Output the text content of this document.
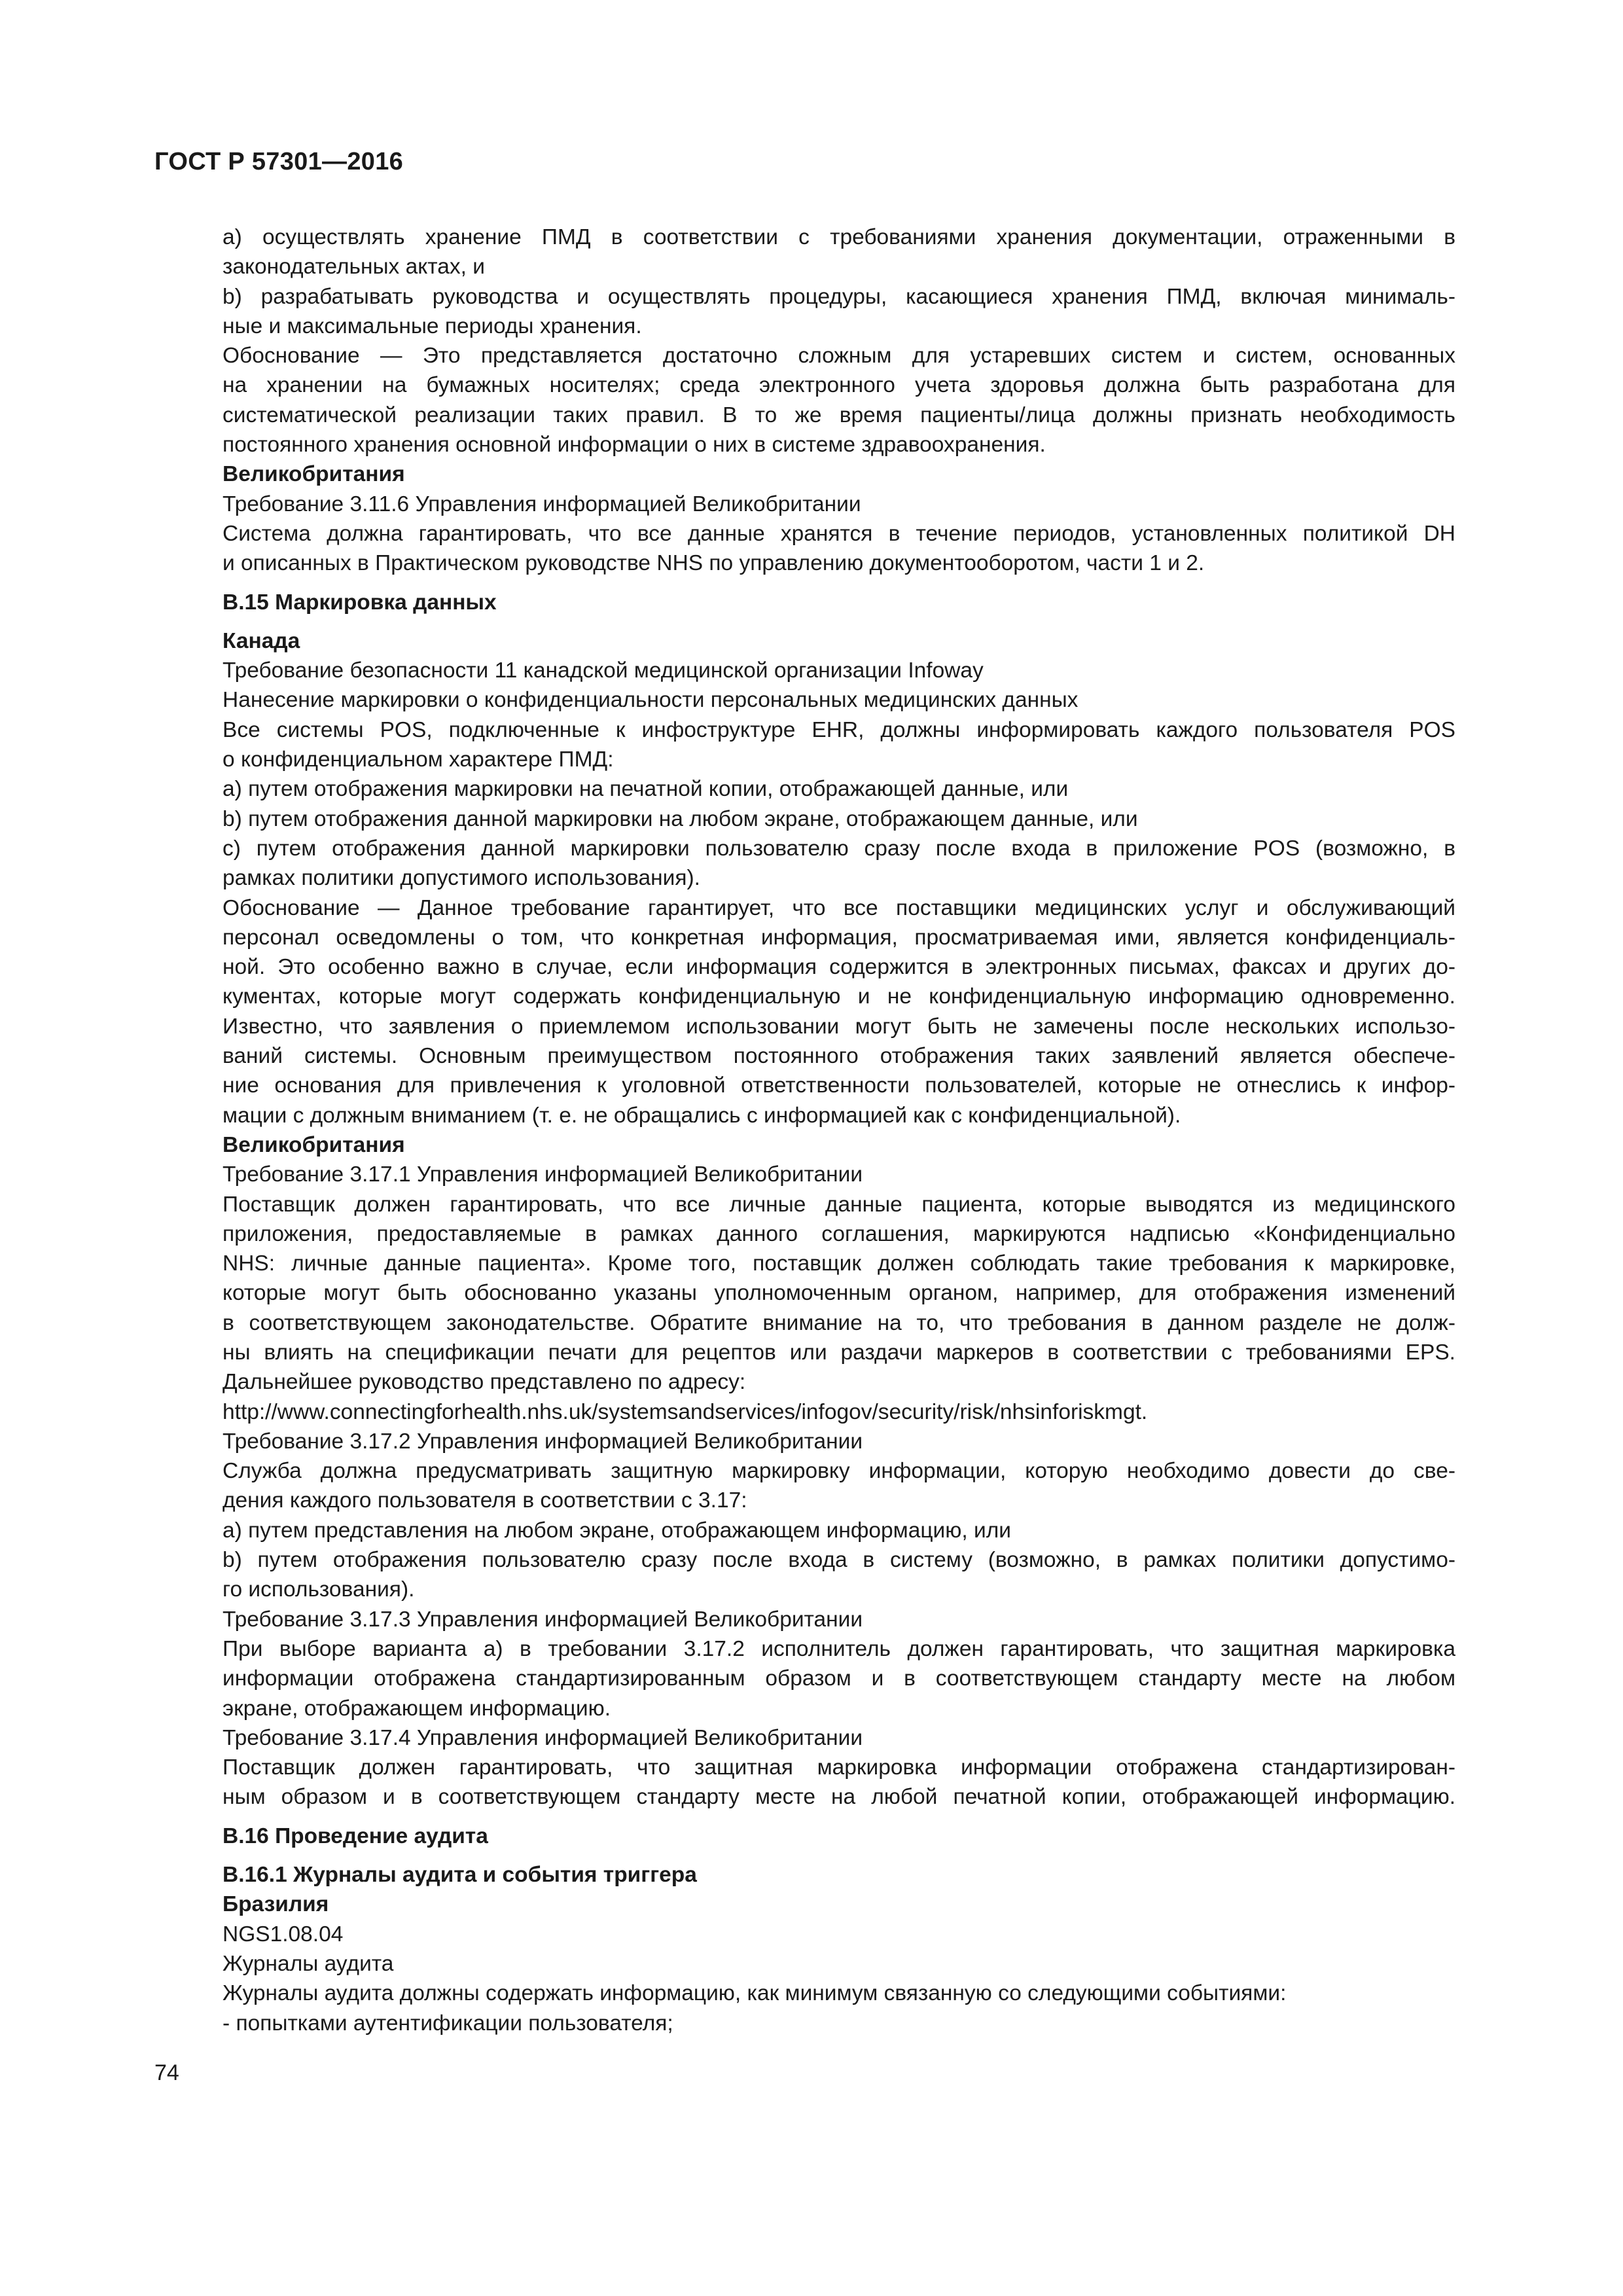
ГОСТ Р 57301—2016
а) осуществлять хранение ПМД в соответствии с требованиями хранения документации, отраженными в
законодательных актах, и
b) разрабатывать руководства и осуществлять процедуры, касающиеся хранения ПМД, включая минималь-
ные и максимальные периоды хранения.
Обоснование — Это представляется достаточно сложным для устаревших систем и систем, основанных
на хранении на бумажных носителях; среда электронного учета здоровья должна быть разработана для
систематической реализации таких правил. В то же время пациенты/лица должны признать необходимость
постоянного хранения основной информации о них в системе здравоохранения.
Великобритания
Требование 3.11.6 Управления информацией Великобритании
Система должна гарантировать, что все данные хранятся в течение периодов, установленных политикой DH
и описанных в Практическом руководстве NHS по управлению документооборотом, части 1 и 2.
В.15 Маркировка данных
Канада
Требование безопасности 11 канадской медицинской организации Infoway
Нанесение маркировки о конфиденциальности персональных медицинских данных
Все системы POS, подключенные к инфоструктуре EHR, должны информировать каждого пользователя POS
о конфиденциальном характере ПМД:
a) путем отображения маркировки на печатной копии, отображающей данные, или
b) путем отображения данной маркировки на любом экране, отображающем данные, или
c) путем отображения данной маркировки пользователю сразу после входа в приложение POS (возможно, в
рамках политики допустимого использования).
Обоснование — Данное требование гарантирует, что все поставщики медицинских услуг и обслуживающий
персонал осведомлены о том, что конкретная информация, просматриваемая ими, является конфиденциаль-
ной. Это особенно важно в случае, если информация содержится в электронных письмах, факсах и других до-
кументах, которые могут содержать конфиденциальную и не конфиденциальную информацию одновременно.
Известно, что заявления о приемлемом использовании могут быть не замечены после нескольких использо-
ваний системы. Основным преимуществом постоянного отображения таких заявлений является обеспече-
ние основания для привлечения к уголовной ответственности пользователей, которые не отнеслись к инфор-
мации с должным вниманием (т. е. не обращались с информацией как с конфиденциальной).
Великобритания
Требование 3.17.1 Управления информацией Великобритании
Поставщик должен гарантировать, что все личные данные пациента, которые выводятся из медицинского
приложения, предоставляемые в рамках данного соглашения, маркируются надписью «Конфиденциально
NHS: личные данные пациента». Кроме того, поставщик должен соблюдать такие требования к маркировке,
которые могут быть обоснованно указаны уполномоченным органом, например, для отображения изменений
в соответствующем законодательстве. Обратите внимание на то, что требования в данном разделе не долж-
ны влиять на спецификации печати для рецептов или раздачи маркеров в соответствии с требованиями EPS.
Дальнейшее руководство представлено по адресу:
http://www.connectingforhealth.nhs.uk/systemsandservices/infogov/security/risk/nhsinforiskmgt.
Требование 3.17.2 Управления информацией Великобритании
Служба должна предусматривать защитную маркировку информации, которую необходимо довести до све-
дения каждого пользователя в соответствии с 3.17:
a) путем представления на любом экране, отображающем информацию, или
b) путем отображения пользователю сразу после входа в систему (возможно, в рамках политики допустимо-
го использования).
Требование 3.17.3 Управления информацией Великобритании
При выборе варианта а) в требовании 3.17.2 исполнитель должен гарантировать, что защитная маркировка
информации отображена стандартизированным образом и в соответствующем стандарту месте на любом
экране, отображающем информацию.
Требование 3.17.4 Управления информацией Великобритании
Поставщик должен гарантировать, что защитная маркировка информации отображена стандартизирован-
ным образом и в соответствующем стандарту месте на любой печатной копии, отображающей информацию.
В.16 Проведение аудита
В.16.1 Журналы аудита и события триггера
Бразилия
NGS1.08.04
Журналы аудита
Журналы аудита должны содержать информацию, как минимум связанную со следующими событиями:
- попытками аутентификации пользователя;
74
